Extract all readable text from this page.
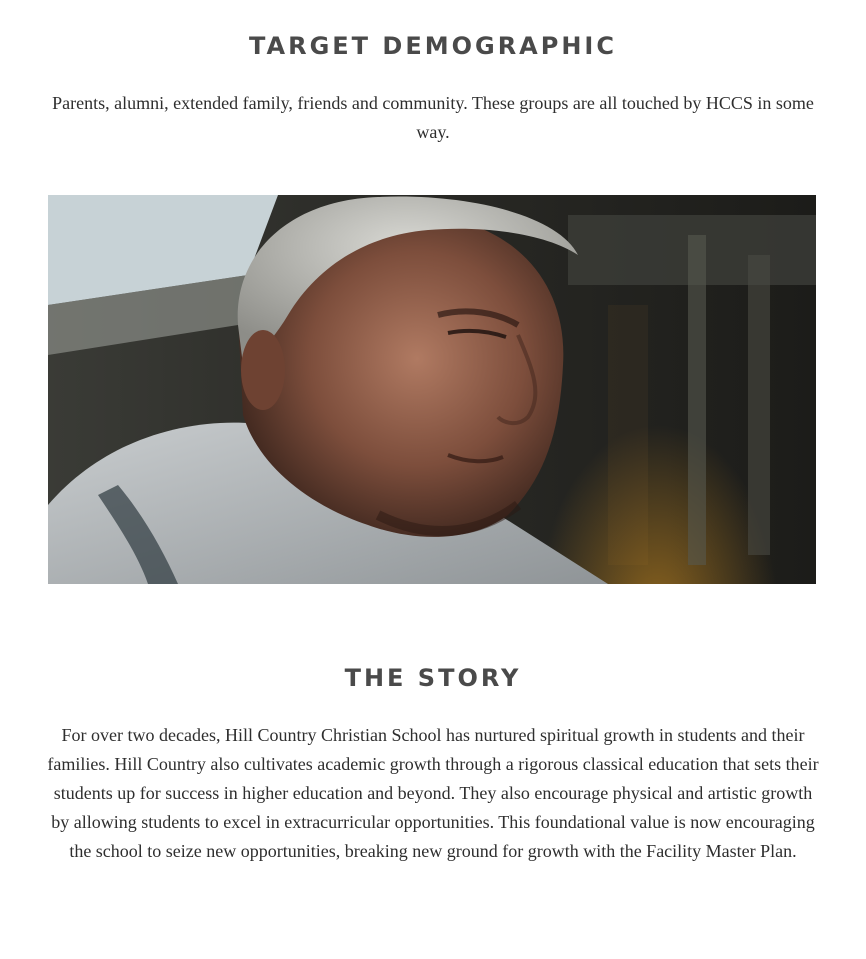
TARGET DEMOGRAPHIC

Parents, alumni, extended family, friends and community. These groups are all touched by HCCS in some way.

THE STORY

For over two decades, Hill Country Christian School has nurtured spiritual growth in students and their families. Hill Country also cultivates academic growth through a rigorous classical education that sets their students up for success in higher education and beyond. They also encourage physical and artistic growth by allowing students to excel in extracurricular opportunities. This foundational value is now encouraging the school to seize new opportunities, breaking new ground for growth with the Facility Master Plan.
